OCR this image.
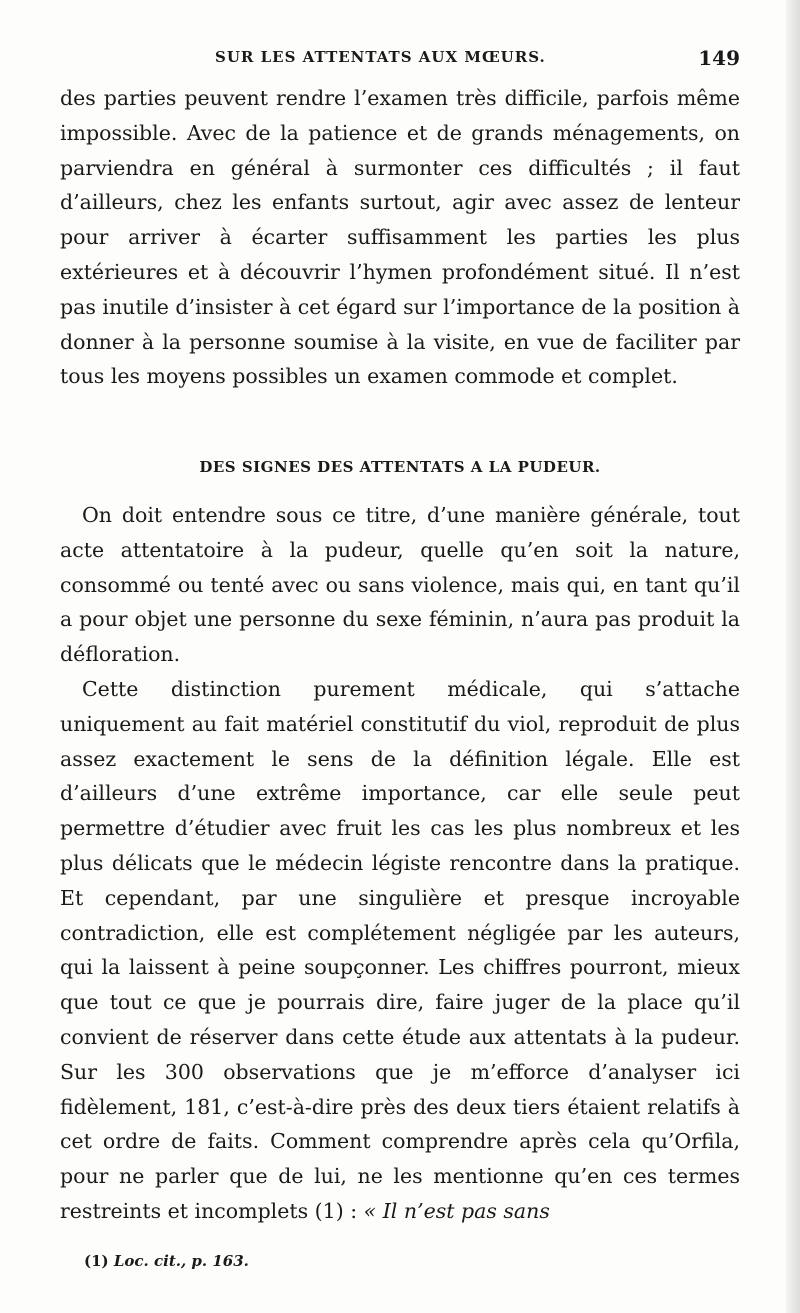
SUR LES ATTENTATS AUX MŒURS.	149

des parties peuvent rendre l’examen très difficile, parfois même impossible. Avec de la patience et de grands ménagements, on parviendra en général à surmonter ces difficultés ; il faut d’ailleurs, chez les enfants surtout, agir avec assez de lenteur pour arriver à écarter suffisamment les parties les plus extérieures et à découvrir l’hymen profondément situé. Il n’est pas inutile d’insister à cet égard sur l’importance de la position à donner à la personne soumise à la visite, en vue de faciliter par tous les moyens possibles un examen commode et complet.

DES SIGNES DES ATTENTATS A LA PUDEUR.

On doit entendre sous ce titre, d’une manière générale, tout acte attentatoire à la pudeur, quelle qu’en soit la nature, consommé ou tenté avec ou sans violence, mais qui, en tant qu’il a pour objet une personne du sexe féminin, n’aura pas produit la défloration.

Cette distinction purement médicale, qui s’attache uniquement au fait matériel constitutif du viol, reproduit de plus assez exactement le sens de la définition légale. Elle est d’ailleurs d’une extrême importance, car elle seule peut permettre d’étudier avec fruit les cas les plus nombreux et les plus délicats que le médecin légiste rencontre dans la pratique. Et cependant, par une singulière et presque incroyable contradiction, elle est complétement négligée par les auteurs, qui la laissent à peine soupçonner. Les chiffres pourront, mieux que tout ce que je pourrais dire, faire juger de la place qu’il convient de réserver dans cette étude aux attentats à la pudeur. Sur les 300 observations que je m’efforce d’analyser ici fidèlement, 181, c’est-à-dire près des deux tiers étaient relatifs à cet ordre de faits. Comment comprendre après cela qu’Orfila, pour ne parler que de lui, ne les mentionne qu’en ces termes restreints et incomplets (1) : « Il n’est pas sans

(1) Loc. cit., p. 163.
